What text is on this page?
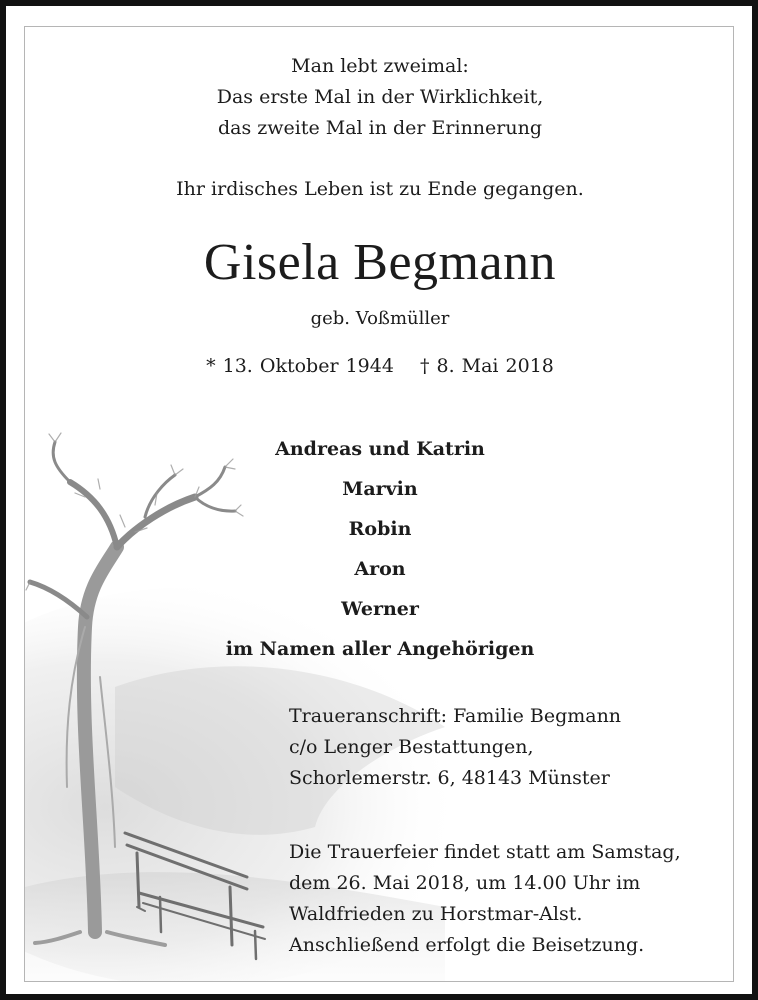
Man lebt zweimal:
Das erste Mal in der Wirklichkeit,
das zweite Mal in der Erinnerung
Ihr irdisches Leben ist zu Ende gegangen.
Gisela Begmann
geb. Voßmüller
* 13. Oktober 1944 † 8. Mai 2018
Andreas und Katrin
Marvin
Robin
Aron
Werner
im Namen aller Angehörigen
Traueranschrift: Familie Begmann
c/o Lenger Bestattungen,
Schorlemerstr. 6, 48143 Münster
Die Trauerfeier findet statt am Samstag,
dem 26. Mai 2018, um 14.00 Uhr im
Waldfrieden zu Horstmar-Alst.
Anschließend erfolgt die Beisetzung.
